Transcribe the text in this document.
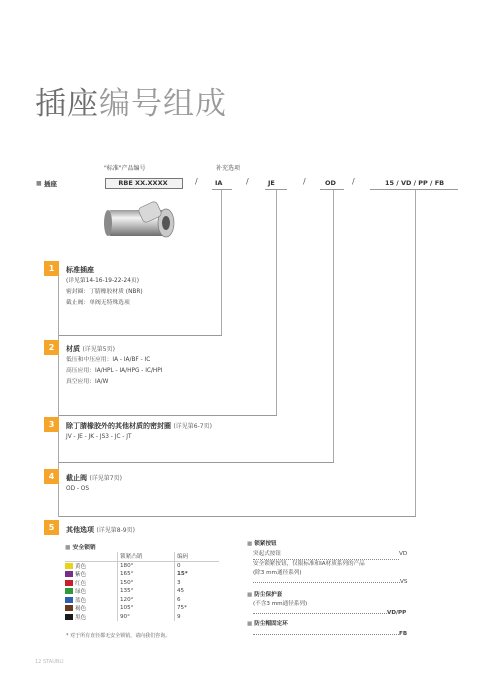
插座编号组成
"标准"产品编号	补充选项
■ 插座	RBE XX.XXXX	/	IA	/	JE	/	OD /	15 / VD / PP / FB
1	标准插座
(详见第14-16-19-22-24页)
密封圈：丁腈橡胶材质 (NBR)
截止阀：单阀无特殊选项
2	材质 (详见第5页)
低压和中压应用：IA - IA/BF - IC
高压应用：IA/HPL - IA/HPG - IC/HPI
真空应用：IA/W
3	除丁腈橡胶外的其他材质的密封圈 (详见第6-7页)
JV - JE - JK - JS3 - JC - JT
4	截止阀 (详见第7页)
OD - OS
5	其他选项 (详见第8-9页)
■ 安全锁销
		锁紧凸销	编码

	黄色	180°	0

	紫色	165°	15*

	红色	150°	3

	绿色	135°	45

	蓝色	120°	6

	褐色	105°	75*

	黑色	90°	9
* 对于所有直径都无安全锁销，请向我们咨询。
■ 锁紧按钮
突起式按钮	VD
安全锁紧按钮，仅限标准和IA材质系列的产品
(除3 mm通径系列)
VS
■ 防尘保护套
(不含3 mm通径系列)
VD/PP
■ 防尘帽固定环
FB
12 STAUBLI
